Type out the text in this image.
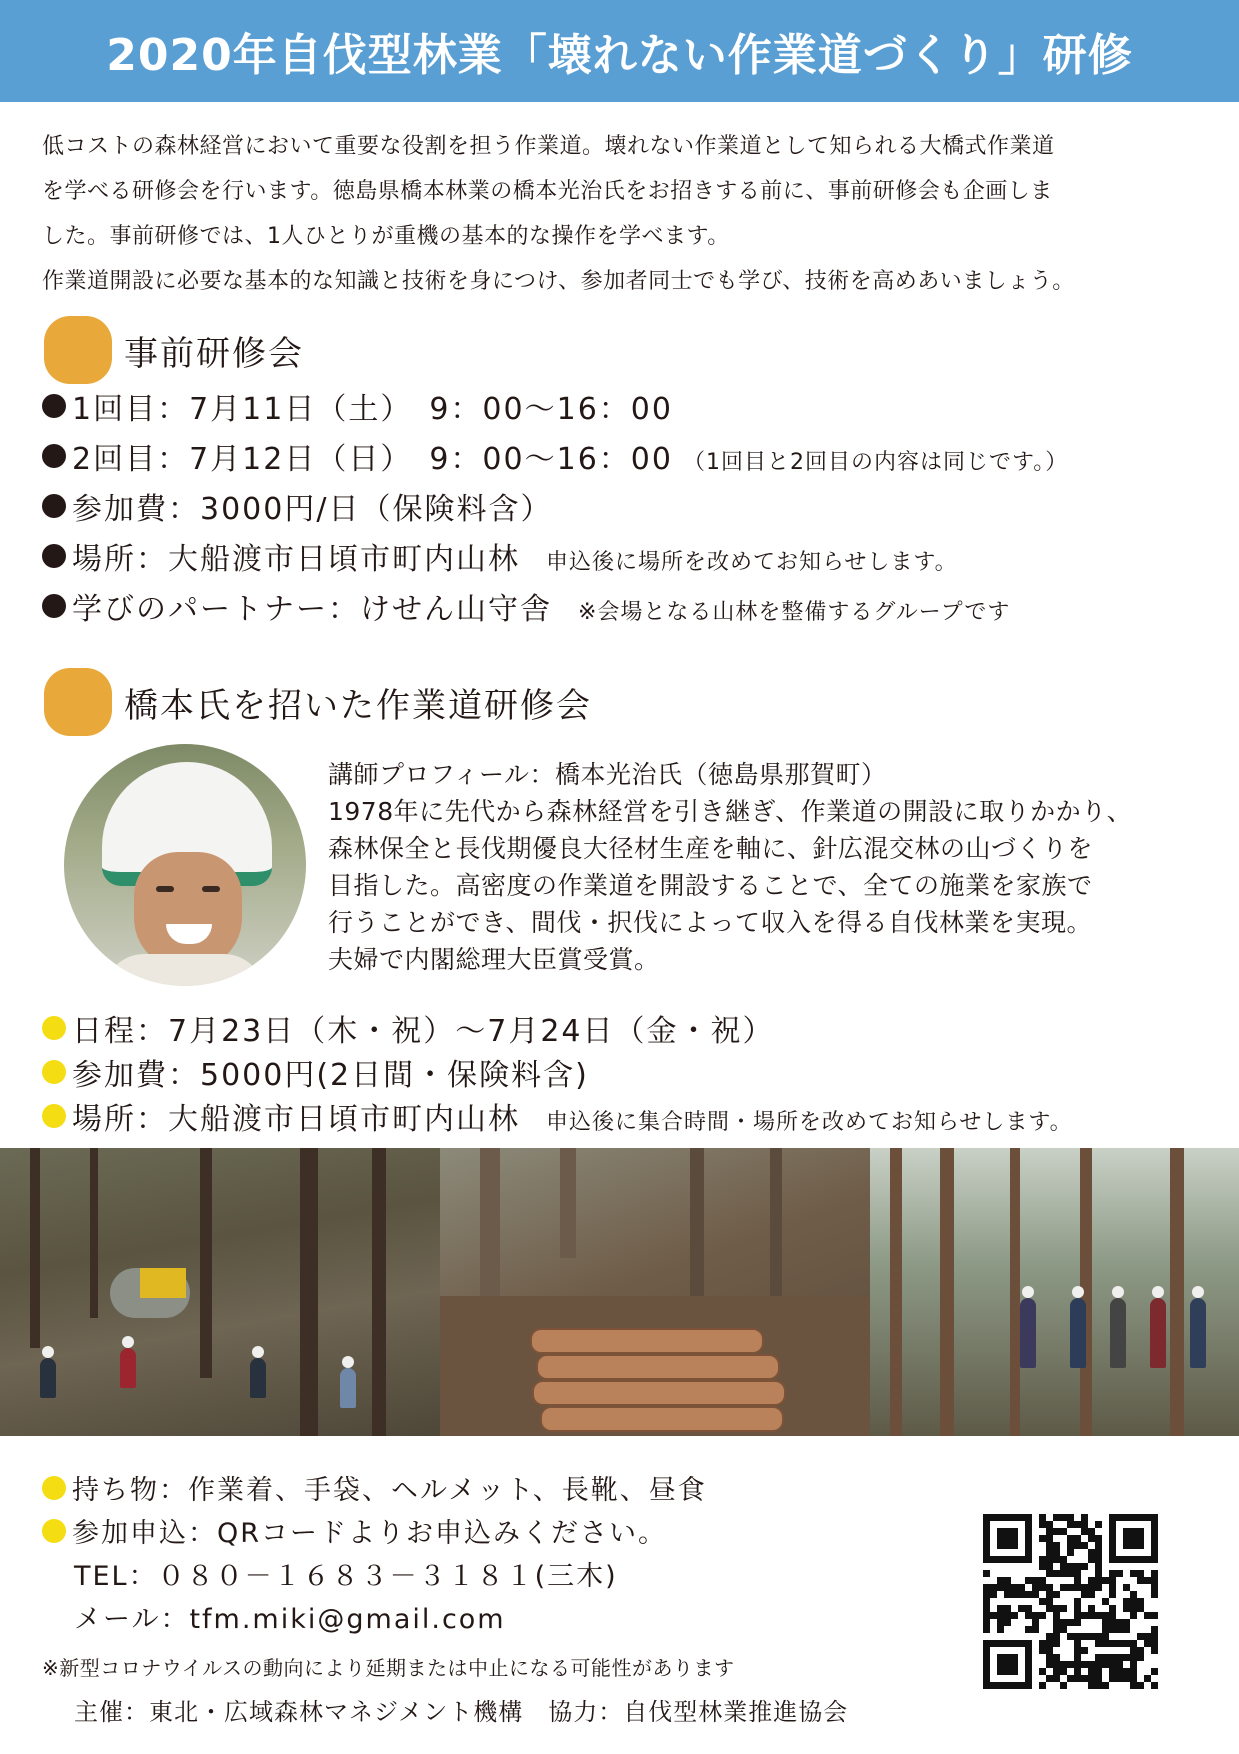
2020年自伐型林業「壊れない作業道づくり」研修

低コストの森林経営において重要な役割を担う作業道。壊れない作業道として知られる大橋式作業道

を学べる研修会を行います。徳島県橋本林業の橋本光治氏をお招きする前に、事前研修会も企画しま

した。事前研修では、1人ひとりが重機の基本的な操作を学べます。

作業道開設に必要な基本的な知識と技術を身につけ、参加者同士でも学び、技術を高めあいましょう。

事前研修会
1回目：7月11日（土）　9：00～16：00
2回目：7月12日（日）　9：00～16：00 （1回目と2回目の内容は同じです。）
参加費：3000円/日（保険料含）
場所：大船渡市日頃市町内山林 申込後に場所を改めてお知らせします。
学びのパートナー：けせん山守舎 ※会場となる山林を整備するグループです
橋本氏を招いた作業道研修会

講師プロフィール：橋本光治氏（徳島県那賀町）

1978年に先代から森林経営を引き継ぎ、作業道の開設に取りかかり、

森林保全と長伐期優良大径材生産を軸に、針広混交林の山づくりを

目指した。高密度の作業道を開設することで、全ての施業を家族で

行うことができ、間伐・択伐によって収入を得る自伐林業を実現。

夫婦で内閣総理大臣賞受賞。

日程：7月23日（木・祝）～7月24日（金・祝）
参加費：5000円(2日間・保険料含)
場所：大船渡市日頃市町内山林 申込後に集合時間・場所を改めてお知らせします。
持ち物：作業着、手袋、ヘルメット、長靴、昼食
参加申込：QRコードよりお申込みください。
TEL：０８０－１６８３－３１８１(三木)
メール：tfm.miki@gmail.com
※新型コロナウイルスの動向により延期または中止になる可能性があります
主催：東北・広域森林マネジメント機構　協力：自伐型林業推進協会
